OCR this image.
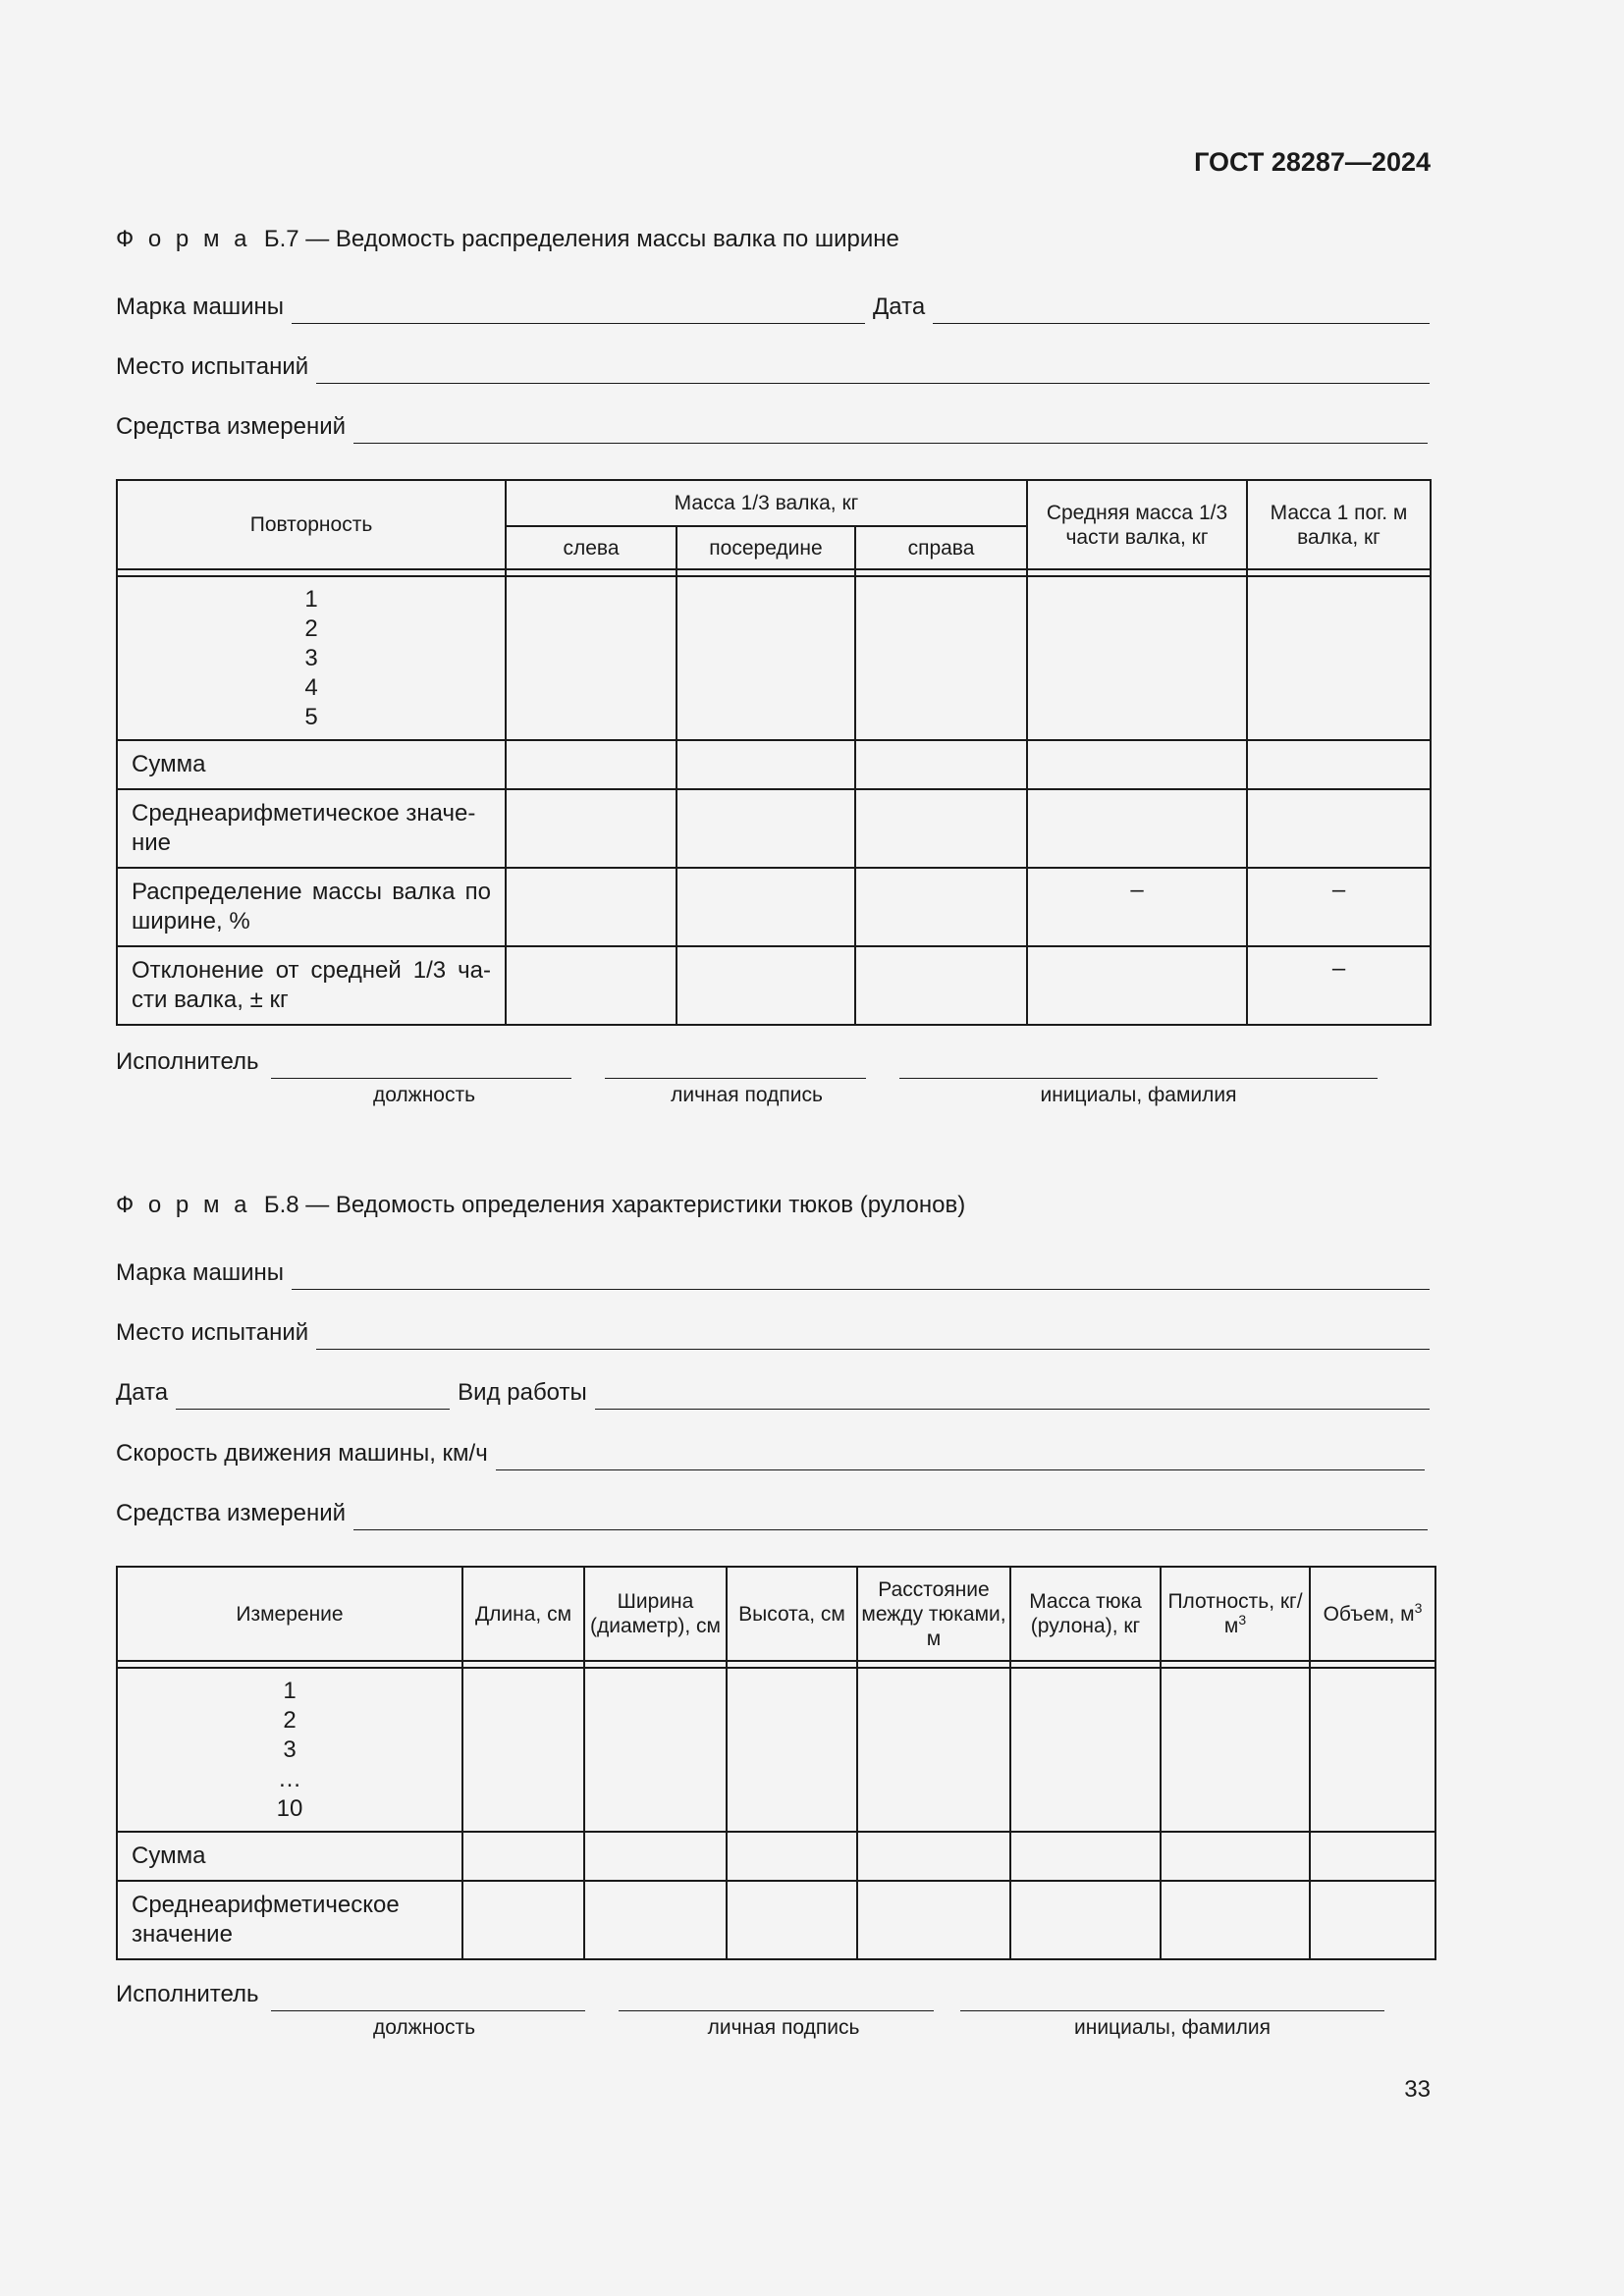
ГОСТ 28287—2024
Ф о р м а Б.7 — Ведомость распределения массы валка по ширине
Марка машины	Дата
Место испытаний
Средства измерений
Повторность	Масса 1/3 валка, кг			Средняя масса 1/3 части валка, кг	Масса 1 пог. м валка, кг
	слева	посередине	справа		

1
2
3
4
5					

Сумма					
Среднеарифметическое значе-ние					
Распределение массы валка по ширине, %				–	–
Отклонение от средней 1/3 ча-сти валка, ± кг					–
Исполнитель
должность	личная подпись	инициалы, фамилия
Ф о р м а Б.8 — Ведомость определения характеристики тюков (рулонов)
Марка машины
Место испытаний
Дата	Вид работы
Скорость движения машины, км/ч
Средства измерений
Измерение	Длина, см	Ширина (диаметр), см	Высота, см	Расстояние между тюками, м	Масса тюка (рулона), кг	Плотность, $кг/м^3$	Объем, $м^3$

1
2
3
…
10							

Сумма							
Среднеарифметическое значение							
Исполнитель
должность	личная подпись	инициалы, фамилия
33
